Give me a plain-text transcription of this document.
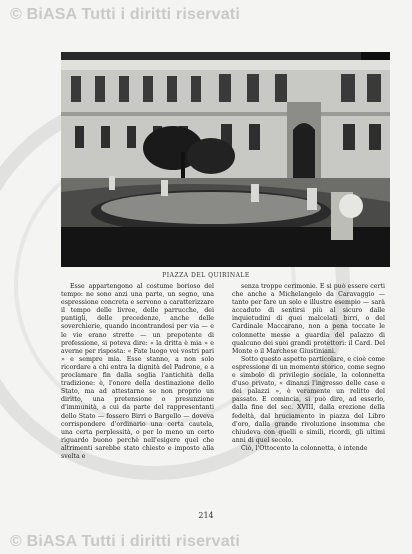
© BiASA Tutti i diritti riservati
PIAZZA DEL QUIRINALE

Esse appartengono al costume borioso del tempo: ne sono anzi una parte, un segno, una espressione concreta e servono a caratterizzare il tempo delle livree, delle parrucche, dei puntigli, delle precedenze, anche delle soverchierie, quando incontrandosi per via — e le vie erano strette — un prepotente di professione, si poteva dire: « la dritta è mia » e averne per risposta: « Fate luogo voi vostri pari » e sempre mia. Esse stanno, a non solo ricordare a chi entra la dignità del Padrone, e a proclamare fin dalla soglia l'antichità della tradizione: è, l'onore della destinazione dello Stato, ma ad attestarne se non proprio un diritto, una pretensione o presunzione d'immunità, a cui da parte del rappresentanti dello Stato — fossero Birri o Bargello — doveva corrispondere d'ordinario una certa cautela, una certa perplessità, o per lo meno un certo riguardo buono perchè nell'esigere quel che altrimenti sarebbe stato chiesto e imposto alla svelta e

senza troppe cerimonie. E si può essere certi che anche a Michelangelo da Caravaggio — tanto per fare un solo e illustre esempio — sarà accaduto di sentirsi più al sicuro dalle inquietudini di quei malcelati birri, o del Cardinale Maccarano, non a pena toccate le colonnette messe a guardia del palazzo di qualcuno dei suoi grandi protettori: il Card. Del Monte o il Marchese Giustiniani.

Sotto questo aspetto particolare, e cioè come espressione di un momento storico, come segno e simbolo di privilegio sociale, la colonnetta d'uso privato, « dinanzi l'ingresso delle case e dei palazzi », è veramente un relitto del passato. E comincia, si può dire, ad esserlo, dalla fine del sec. XVIII, dalla erezione della fedeltà, dal bruciamento in piazza del Libro d'oro, dalla grande rivoluzione insomma che chiudeva con quelli e simili, ricordi, gli ultimi anni di quel secolo.

Ciò, l'Ottocento la colonnetta, è intende

214
© BiASA Tutti i diritti riservati
